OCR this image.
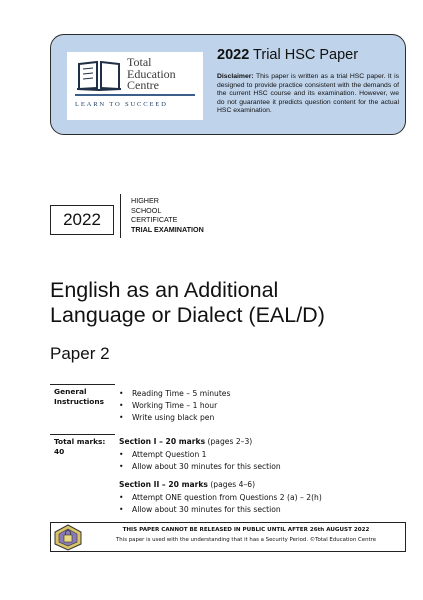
Total
Education
Centre
LEARN TO SUCCEED
2022 Trial HSC Paper
Disclaimer: This paper is written as a trial HSC paper. It is designed to provide practice consistent with the demands of the current HSC course and its examination. However, we do not guarantee it predicts question content for the actual HSC examination.
2022
HIGHER
SCHOOL
CERTIFICATE
TRIAL EXAMINATION
English as an Additional
Language or Dialect (EAL/D)
Paper 2
General
Instructions
• Reading Time – 5 minutes
• Working Time – 1 hour
• Write using black pen
Total marks:
40
Section I – 20 marks (pages 2–3)
• Attempt Question 1
• Allow about 30 minutes for this section
Section II – 20 marks (pages 4–6)
• Attempt ONE question from Questions 2 (a) – 2(h)
• Allow about 30 minutes for this section
THIS PAPER CANNOT BE RELEASED IN PUBLIC UNTIL AFTER 26th AUGUST 2022
This paper is used with the understanding that it has a Security Period. ©Total Education Centre
